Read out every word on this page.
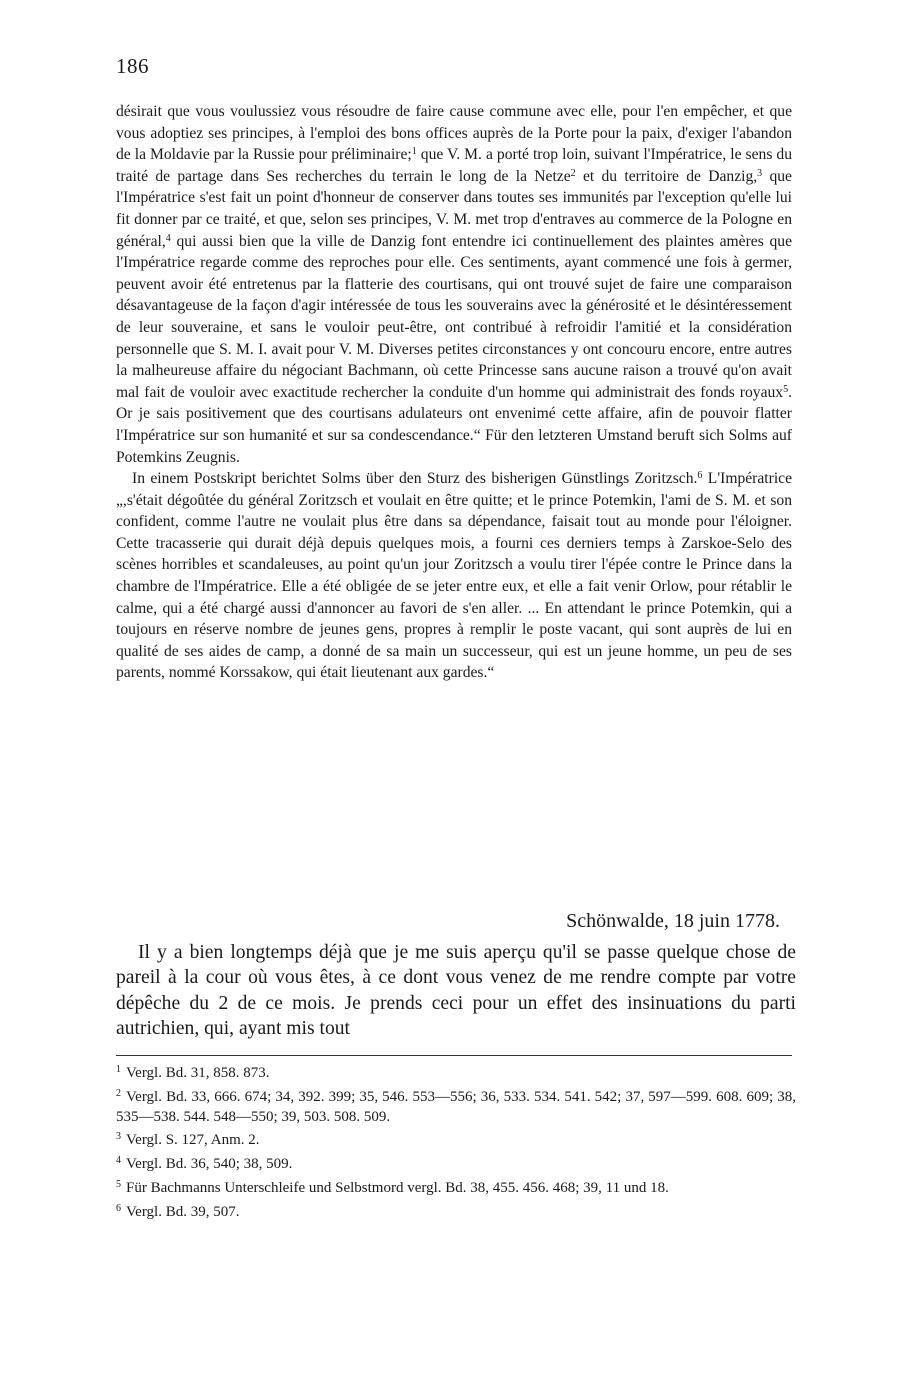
186

désirait que vous voulussiez vous résoudre de faire cause commune avec elle, pour l'en empêcher, et que vous adoptiez ses principes, à l'emploi des bons offices auprès de la Porte pour la paix, d'exiger l'abandon de la Moldavie par la Russie pour préliminaire;$^1$ que V. M. a porté trop loin, suivant l'Impératrice, le sens du traité de partage dans Ses recherches du terrain le long de la Netze$^2$ et du territoire de Danzig,$^3$ que l'Impératrice s'est fait un point d'honneur de conserver dans toutes ses immunités par l'exception qu'elle lui fit donner par ce traité, et que, selon ses principes, V. M. met trop d'entraves au commerce de la Pologne en général,$^4$ qui aussi bien que la ville de Danzig font entendre ici continuellement des plaintes amères que l'Impératrice regarde comme des reproches pour elle. Ces sentiments, ayant commencé une fois à germer, peuvent avoir été entretenus par la flatterie des courtisans, qui ont trouvé sujet de faire une comparaison désavantageuse de la façon d'agir intéressée de tous les souverains avec la générosité et le désintéressement de leur souveraine, et sans le vouloir peut-être, ont contribué à refroidir l'amitié et la considération personnelle que S. M. I. avait pour V. M. Diverses petites circonstances y ont concouru encore, entre autres la malheureuse affaire du négociant Bachmann, où cette Princesse sans aucune raison a trouvé qu'on avait mal fait de vouloir avec exactitude rechercher la conduite d'un homme qui administrait des fonds royaux$^5$. Or je sais positivement que des courtisans adulateurs ont envenimé cette affaire, afin de pouvoir flatter l'Impératrice sur son humanité et sur sa condescendance.“ Für den letzteren Umstand beruft sich Solms auf Potemkins Zeugnis.

In einem Postskript berichtet Solms über den Sturz des bisherigen Günstlings Zoritzsch.$^6$ L'Impératrice „,s'était dégoûtée du général Zoritzsch et voulait en être quitte; et le prince Potemkin, l'ami de S. M. et son confident, comme l'autre ne voulait plus être dans sa dépendance, faisait tout au monde pour l'éloigner. Cette tracasserie qui durait déjà depuis quelques mois, a fourni ces derniers temps à Zarskoe-Selo des scènes horribles et scandaleuses, au point qu'un jour Zoritzsch a voulu tirer l'épée contre le Prince dans la chambre de l'Impératrice. Elle a été obligée de se jeter entre eux, et elle a fait venir Orlow, pour rétablir le calme, qui a été chargé aussi d'annoncer au favori de s'en aller. ... En attendant le prince Potemkin, qui a toujours en réserve nombre de jeunes gens, propres à remplir le poste vacant, qui sont auprès de lui en qualité de ses aides de camp, a donné de sa main un successeur, qui est un jeune homme, un peu de ses parents, nommé Korssakow, qui était lieutenant aux gardes.“

Schönwalde, 18 juin 1778.

Il y a bien longtemps déjà que je me suis aperçu qu'il se passe quelque chose de pareil à la cour où vous êtes, à ce dont vous venez de me rendre compte par votre dépêche du 2 de ce mois. Je prends ceci pour un effet des insinuations du parti autrichien, qui, ayant mis tout

$^1$ Vergl. Bd. 31, 858. 873.

$^2$ Vergl. Bd. 33, 666. 674; 34, 392. 399; 35, 546. 553—556; 36, 533. 534. 541. 542; 37, 597—599. 608. 609; 38, 535—538. 544. 548—550; 39, 503. 508. 509.

$^3$ Vergl. S. 127, Anm. 2.

$^4$ Vergl. Bd. 36, 540; 38, 509.

$^5$ Für Bachmanns Unterschleife und Selbstmord vergl. Bd. 38, 455. 456. 468; 39, 11 und 18.

$^6$ Vergl. Bd. 39, 507.
